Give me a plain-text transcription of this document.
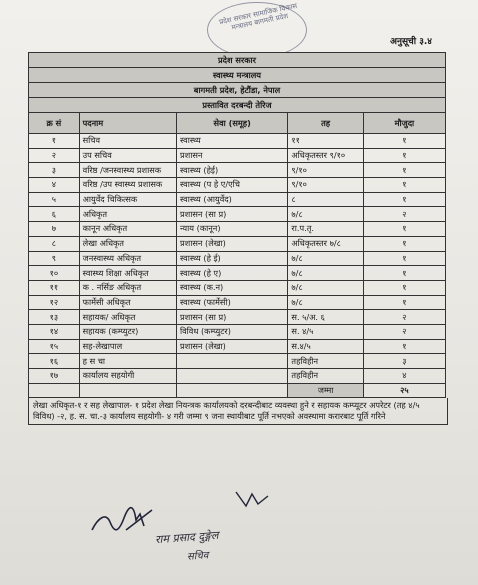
प्रदेश सरकार सामाजिक विकास मन्त्रालय बागमती प्रदेश
अनुसूची ३.४
प्रदेश सरकार				
स्वास्थ्य मन्त्रालय				
बागमती प्रदेश, हेटौंडा, नेपाल				
प्रस्तावित दरबन्दी तेरिज				
क्र सं	पदनाम	सेवा (समूह)	तह	मौजुदा
१	सचिव	स्वास्थ्य	११	१
२	उप सचिव	प्रशासन	अधिकृतस्तर ९/१०	१
३	वरिष्ठ /जनस्वास्थ्य प्रशासक	स्वास्थ्य (हेई)	९/१०	१
४	वरिष्ठ /उप स्वास्थ्य प्रशासक	स्वास्थ्य (प हे ए/एचि	९/१०	१
५	आयुर्वेद चिकित्सक	स्वास्थ्य (आयुर्वेद)	८	१
६	अधिकृत	प्रशासन (सा प्र)	७/८	२
७	कानून अधिकृत	न्याय (कानून)	रा.प.तृ.	१
८	लेखा अधिकृत	प्रशासन (लेखा)	अधिकृतस्तर ७/८	१
९	जनस्वास्थ्य अधिकृत	स्वास्थ्य (हे ई)	७/८	१
१०	स्वास्थ्य शिक्षा अधिकृत	स्वास्थ्य (हे ए)	७/८	१
११	क . नर्सिङ अधिकृत	स्वास्थ्य (क.न)	७/८	१
१२	फार्मेसी अधिकृत	स्वास्थ्य (फार्मेसी)	७/८	१
१३	सहायक/ अधिकृत	प्रशासन (सा प्र)	स. ५/अ. ६	२
१४	सहायक (कम्प्युटर)	विविध (कम्प्युटर)	स. ४/५	२
१५	सह-लेखापाल	प्रशासन (लेखा)	स.४/५	१
१६	ह स चा		तहविहीन	३
१७	कार्यालय सहयोगी		तहविहीन	४
			जम्मा	२५
लेखा अधिकृत-१ र सह लेखापाल- १ प्रदेश लेखा नियन्त्रक कार्यालयको दरबन्दीबाट व्यवस्था हुने र सहायक कम्प्यूटर अपरेटर (तह ४/५ विविध) -२, ह. स. चा.-३ कार्यालय सहयोगी- ४ गरी जम्मा ९ जना स्थायीबाट पूर्ति नभएको अवस्थामा करारबाट पूर्ति गरिने
राम प्रसाद दुङ्गेल
सचिव
